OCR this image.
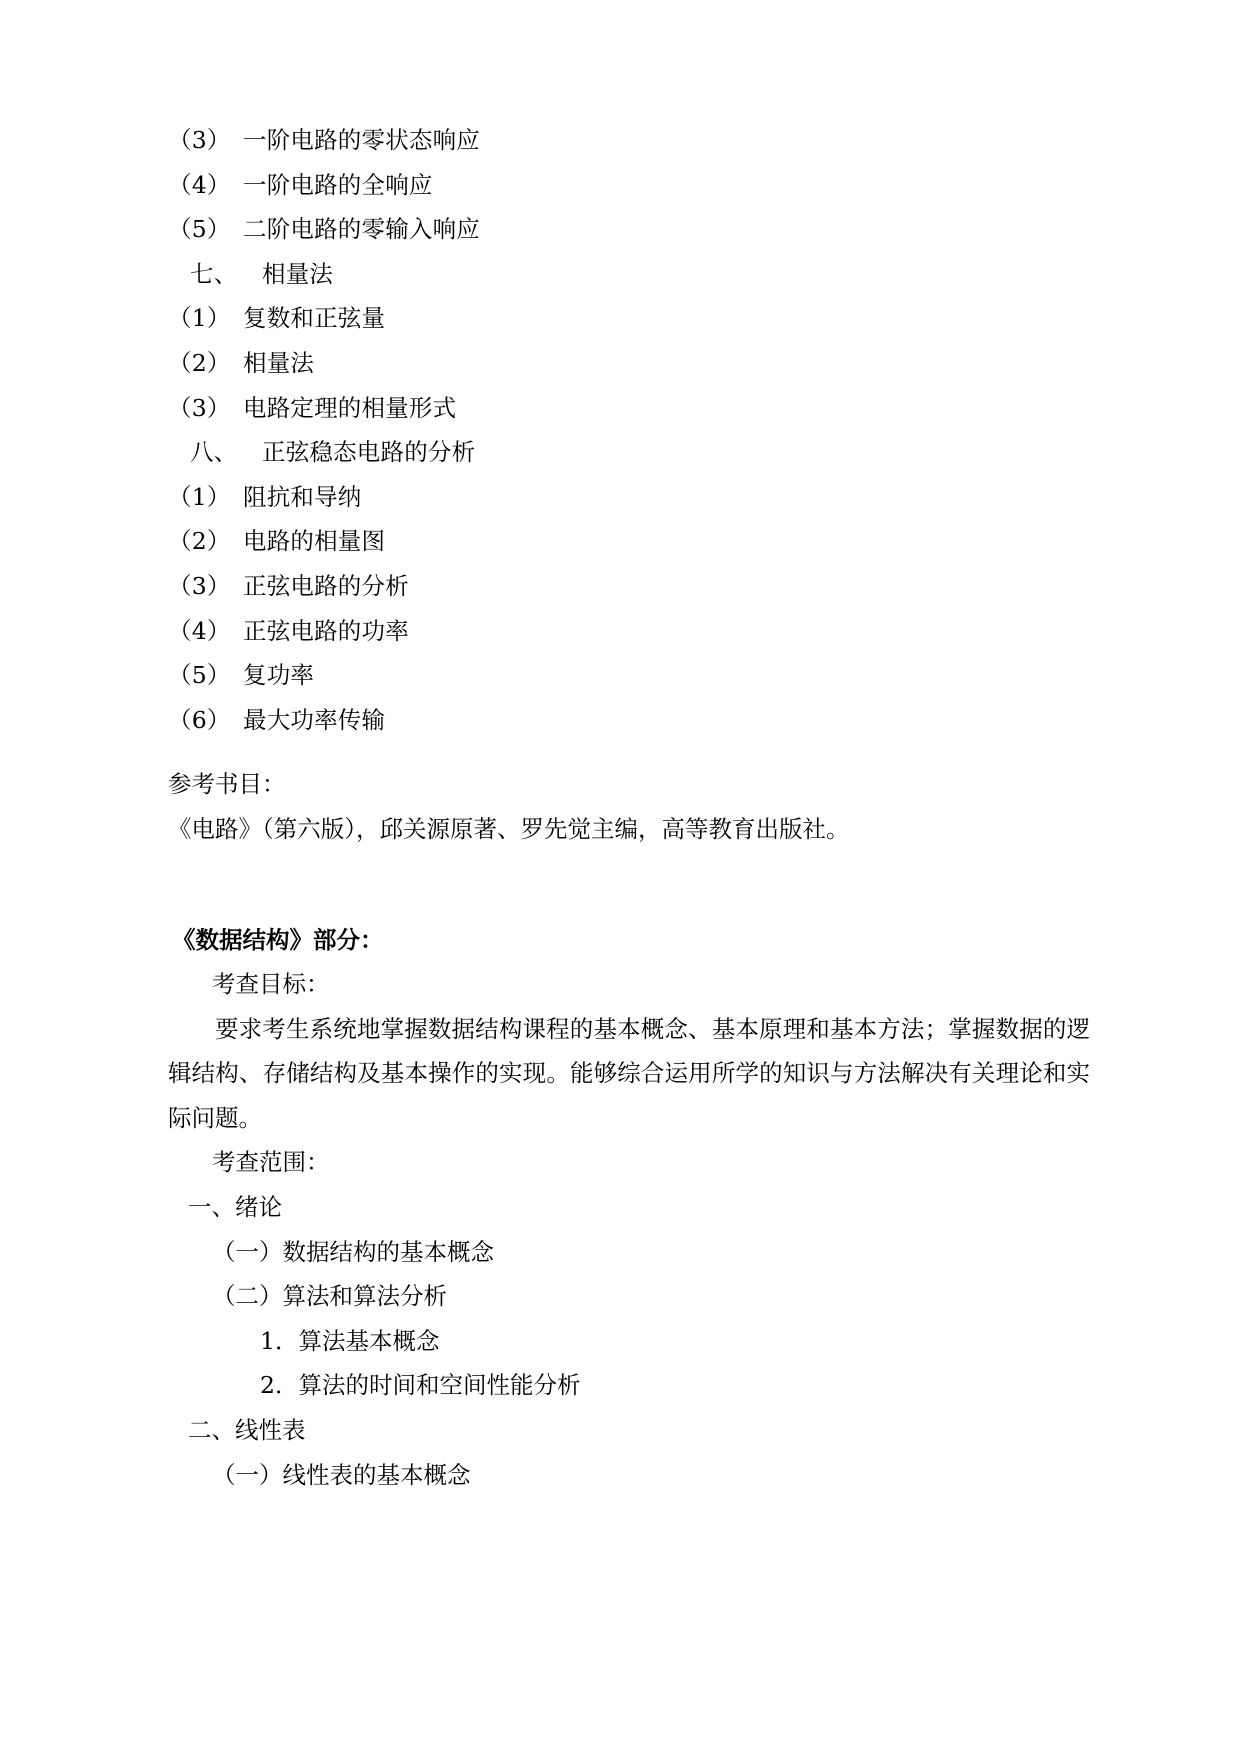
（3） 一阶电路的零状态响应
（4） 一阶电路的全响应
（5） 二阶电路的零输入响应
七、	相量法
（1） 复数和正弦量
（2） 相量法
（3） 电路定理的相量形式
八、	正弦稳态电路的分析
（1） 阻抗和导纳
（2） 电路的相量图
（3） 正弦电路的分析
（4） 正弦电路的功率
（5） 复功率
（6） 最大功率传输
参考书目：
《电路》（第六版），邱关源原著、罗先觉主编，高等教育出版社。
《数据结构》部分：
考查目标：

要求考生系统地掌握数据结构课程的基本概念、基本原理和基本方法；掌握数据的逻辑结构、存储结构及基本操作的实现。能够综合运用所学的知识与方法解决有关理论和实际问题。

考查范围：
一、绪论
（一）数据结构的基本概念
（二）算法和算法分析
1．算法基本概念
2．算法的时间和空间性能分析
二、线性表
（一）线性表的基本概念
